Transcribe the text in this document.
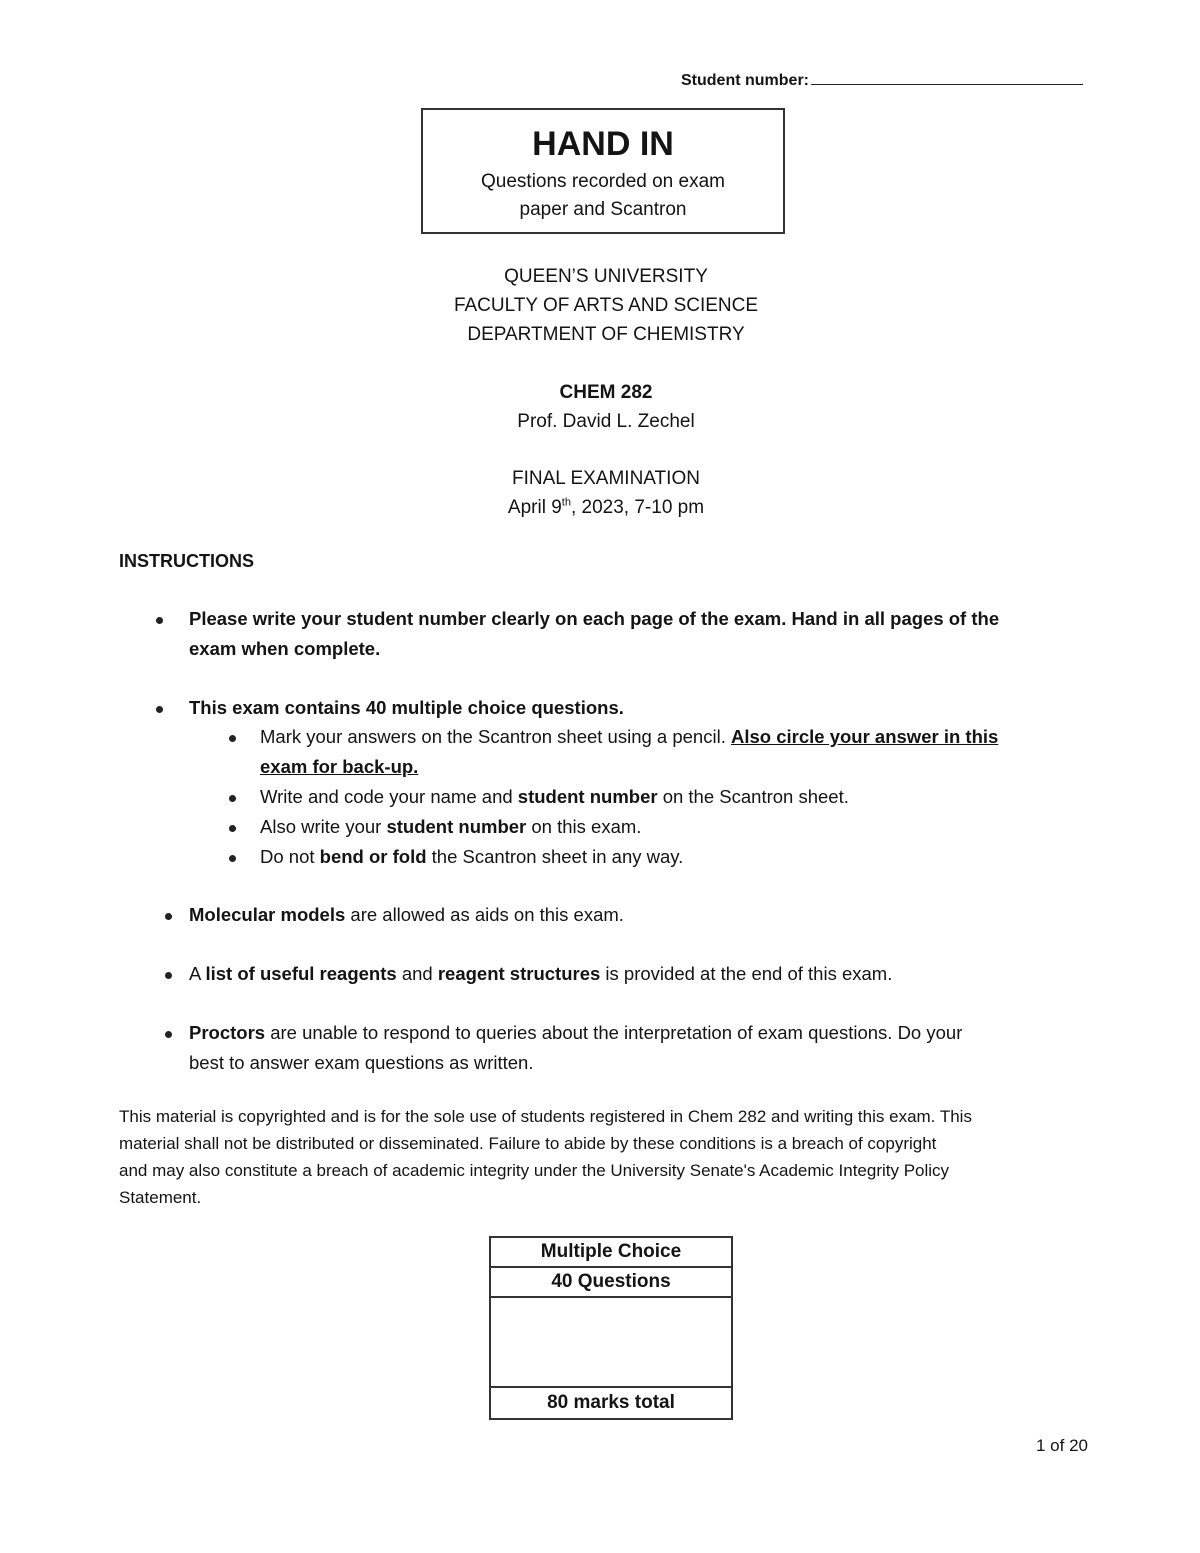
Student number:
HAND IN
Questions recorded on exam
paper and Scantron
QUEEN’S UNIVERSITY
FACULTY OF ARTS AND SCIENCE
DEPARTMENT OF CHEMISTRY
CHEM 282
Prof. David L. Zechel
FINAL EXAMINATION
April 9th, 2023, 7-10 pm
INSTRUCTIONS
Please write your student number clearly on each page of the exam. Hand in all pages of the
exam when complete.
This exam contains 40 multiple choice questions.
Mark your answers on the Scantron sheet using a pencil. Also circle your answer in this
exam for back-up.
Write and code your name and student number on the Scantron sheet.
Also write your student number on this exam.
Do not bend or fold the Scantron sheet in any way.
Molecular models are allowed as aids on this exam.
A list of useful reagents and reagent structures is provided at the end of this exam.
Proctors are unable to respond to queries about the interpretation of exam questions. Do your
best to answer exam questions as written.
This material is copyrighted and is for the sole use of students registered in Chem 282 and writing this exam. This
material shall not be distributed or disseminated. Failure to abide by these conditions is a breach of copyright
and may also constitute a breach of academic integrity under the University Senate's Academic Integrity Policy
Statement.
Multiple Choice
40 Questions

80 marks total
1 of 20
